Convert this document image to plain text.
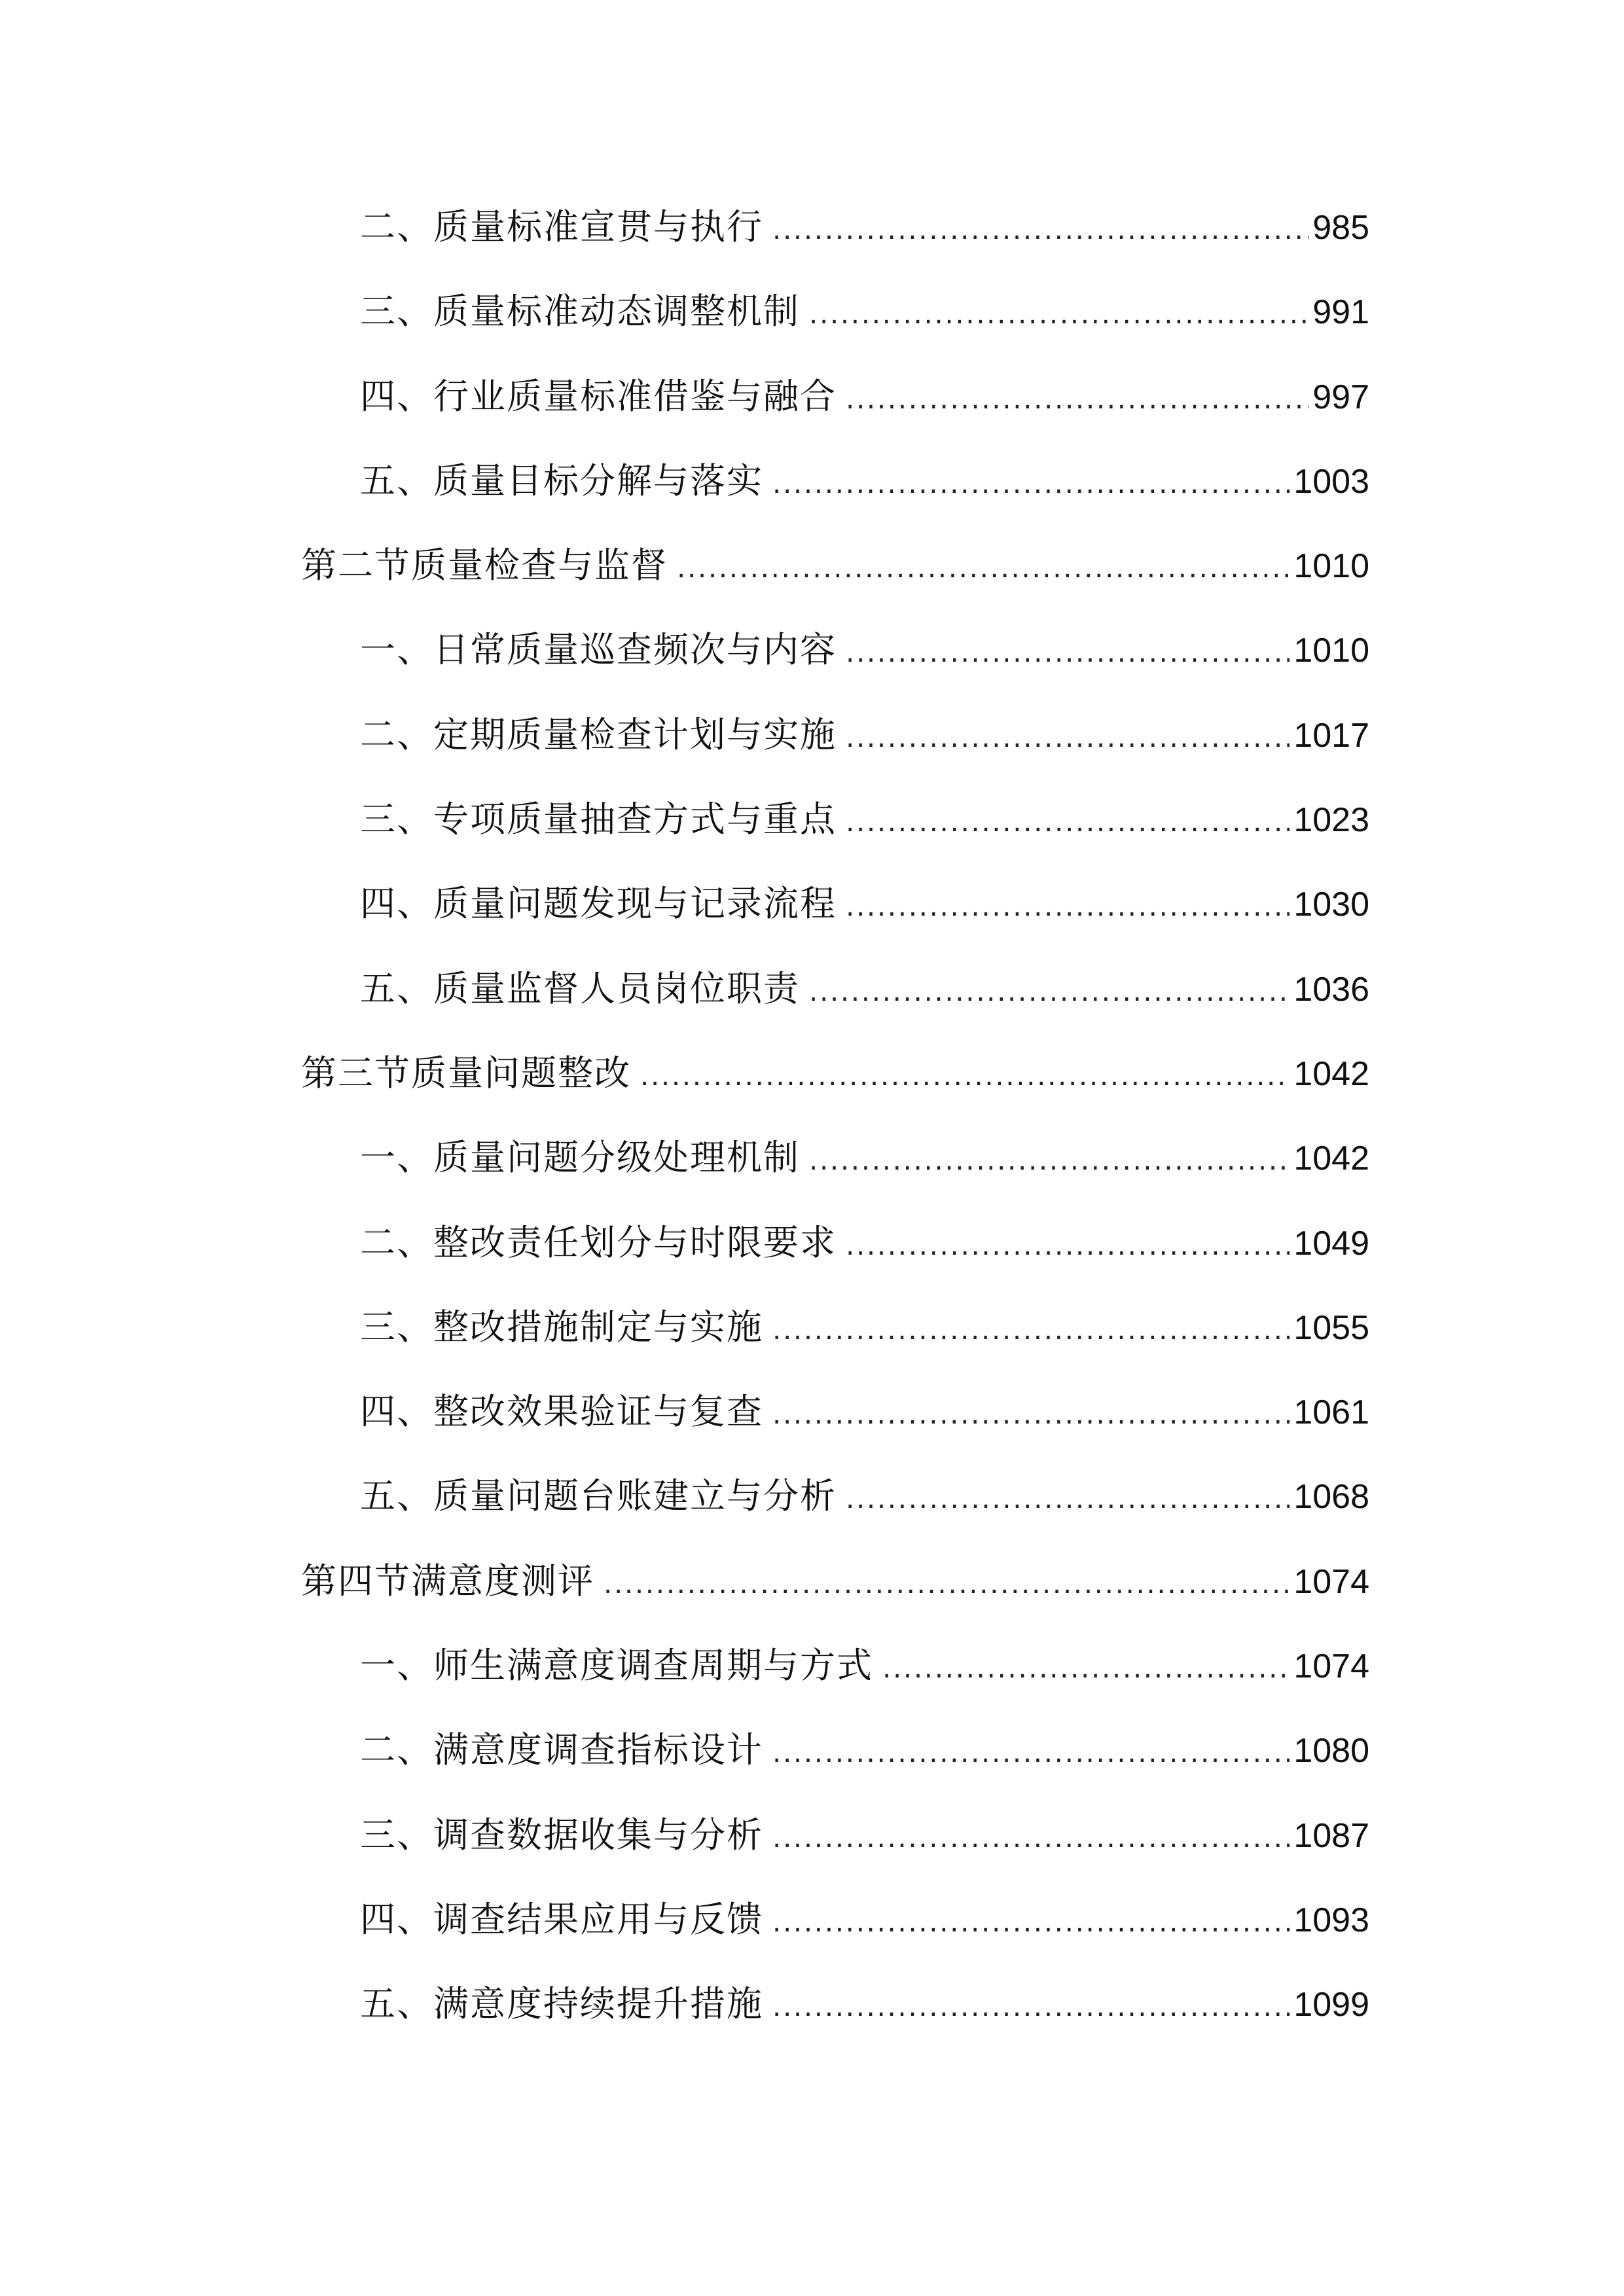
二、质量标准宣贯与执行 .....	985
三、质量标准动态调整机制 .....	991
四、行业质量标准借鉴与融合 .....	997
五、质量目标分解与落实 .....	1003
第二节质量检查与监督 .....	1010
一、日常质量巡查频次与内容 .....	1010
二、定期质量检查计划与实施 .....	1017
三、专项质量抽查方式与重点 .....	1023
四、质量问题发现与记录流程 .....	1030
五、质量监督人员岗位职责 .....	1036
第三节质量问题整改 .....	1042
一、质量问题分级处理机制 .....	1042
二、整改责任划分与时限要求 .....	1049
三、整改措施制定与实施 .....	1055
四、整改效果验证与复查 .....	1061
五、质量问题台账建立与分析 .....	1068
第四节满意度测评 .....	1074
一、师生满意度调查周期与方式 .....	1074
二、满意度调查指标设计 .....	1080
三、调查数据收集与分析 .....	1087
四、调查结果应用与反馈 .....	1093
五、满意度持续提升措施 .....	1099
